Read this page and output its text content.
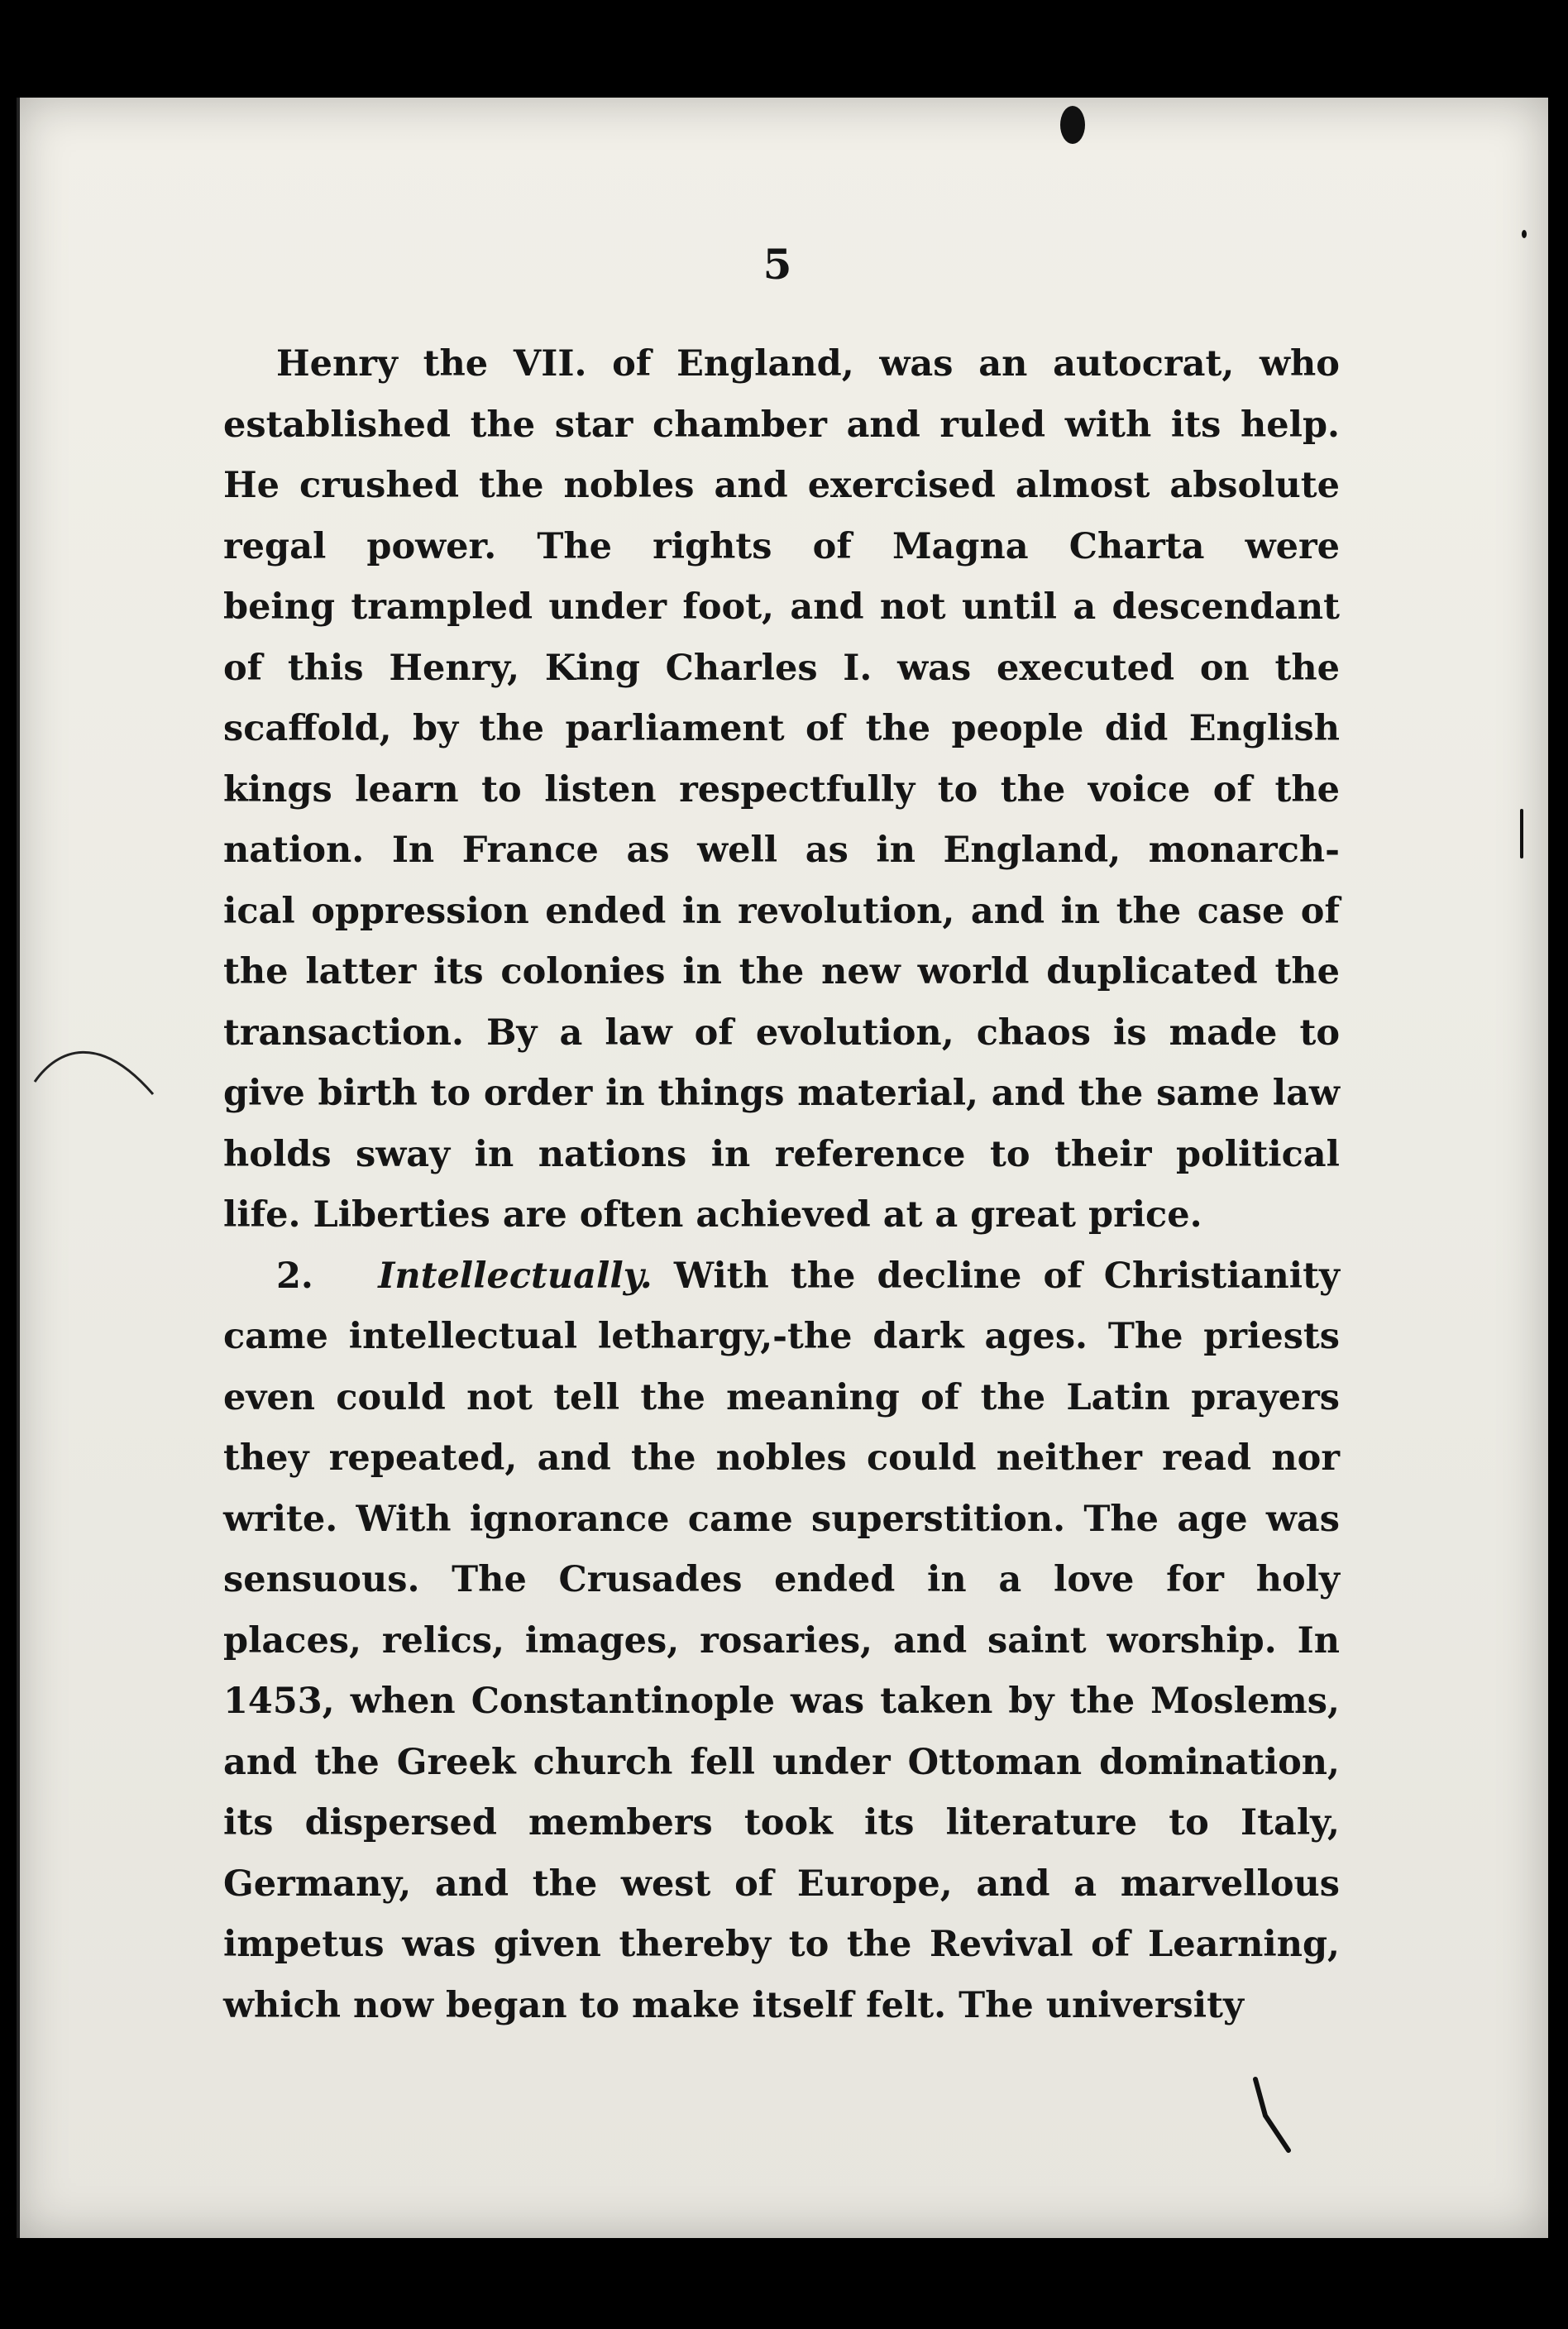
5
Henry the VII. of England, was an autocrat, who
established the star chamber and ruled with its help.
He crushed the nobles and exercised almost absolute
regal power. The rights of Magna Charta were
being trampled under foot, and not until a descendant
of this Henry, King Charles I. was executed on the
scaffold, by the parliament of the people did English
kings learn to listen respectfully to the voice of the
nation. In France as well as in England, monarch-
ical oppression ended in revolution, and in the case of
the latter its colonies in the new world duplicated the
transaction. By a law of evolution, chaos is made to
give birth to order in things material, and the same law
holds sway in nations in reference to their political
life. Liberties are often achieved at a great price.
2. Intellectually. With the decline of Christianity
came intellectual lethargy,-the dark ages. The priests
even could not tell the meaning of the Latin prayers
they repeated, and the nobles could neither read nor
write. With ignorance came superstition. The age was
sensuous. The Crusades ended in a love for holy
places, relics, images, rosaries, and saint worship. In
1453, when Constantinople was taken by the Moslems,
and the Greek church fell under Ottoman domination,
its dispersed members took its literature to Italy,
Germany, and the west of Europe, and a marvellous
impetus was given thereby to the Revival of Learning,
which now began to make itself felt. The university
